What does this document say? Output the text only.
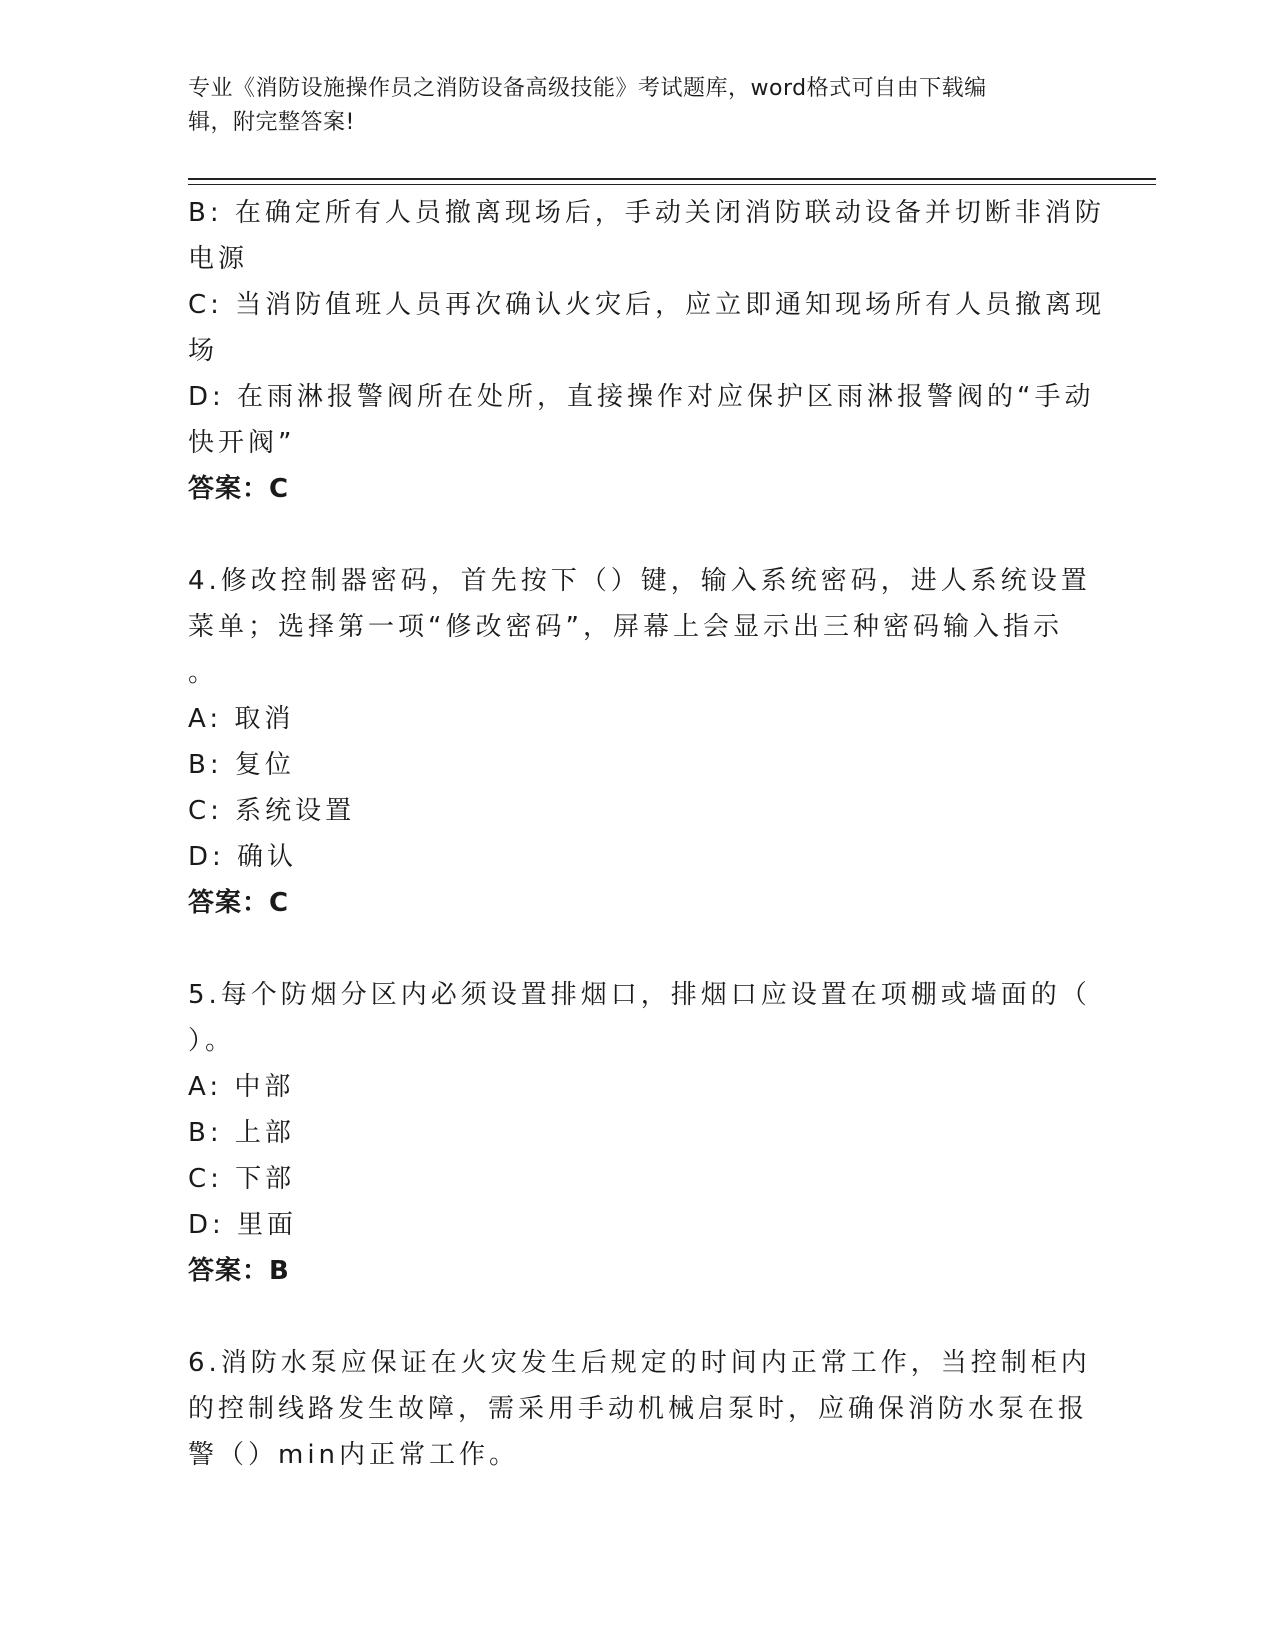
专业《消防设施操作员之消防设备高级技能》考试题库，word格式可自由下载编
辑，附完整答案!
B: 在确定所有人员撤离现场后，手动关闭消防联动设备并切断非消防
电源
C: 当消防值班人员再次确认火灾后，应立即通知现场所有人员撤离现
场
D: 在雨淋报警阀所在处所，直接操作对应保护区雨淋报警阀的“手动
快开阀”
答案：C
4.修改控制器密码，首先按下（）键，输入系统密码，进人系统设置
菜单；选择第一项“修改密码”，屏幕上会显示出三种密码输入指示
。
A: 取消
B: 复位
C: 系统设置
D: 确认
答案：C
5.每个防烟分区内必须设置排烟口，排烟口应设置在项棚或墙面的（
）。
A: 中部
B: 上部
C: 下部
D: 里面
答案：B
6.消防水泵应保证在火灾发生后规定的时间内正常工作，当控制柜内
的控制线路发生故障，需采用手动机械启泵时，应确保消防水泵在报
警（）min内正常工作。
